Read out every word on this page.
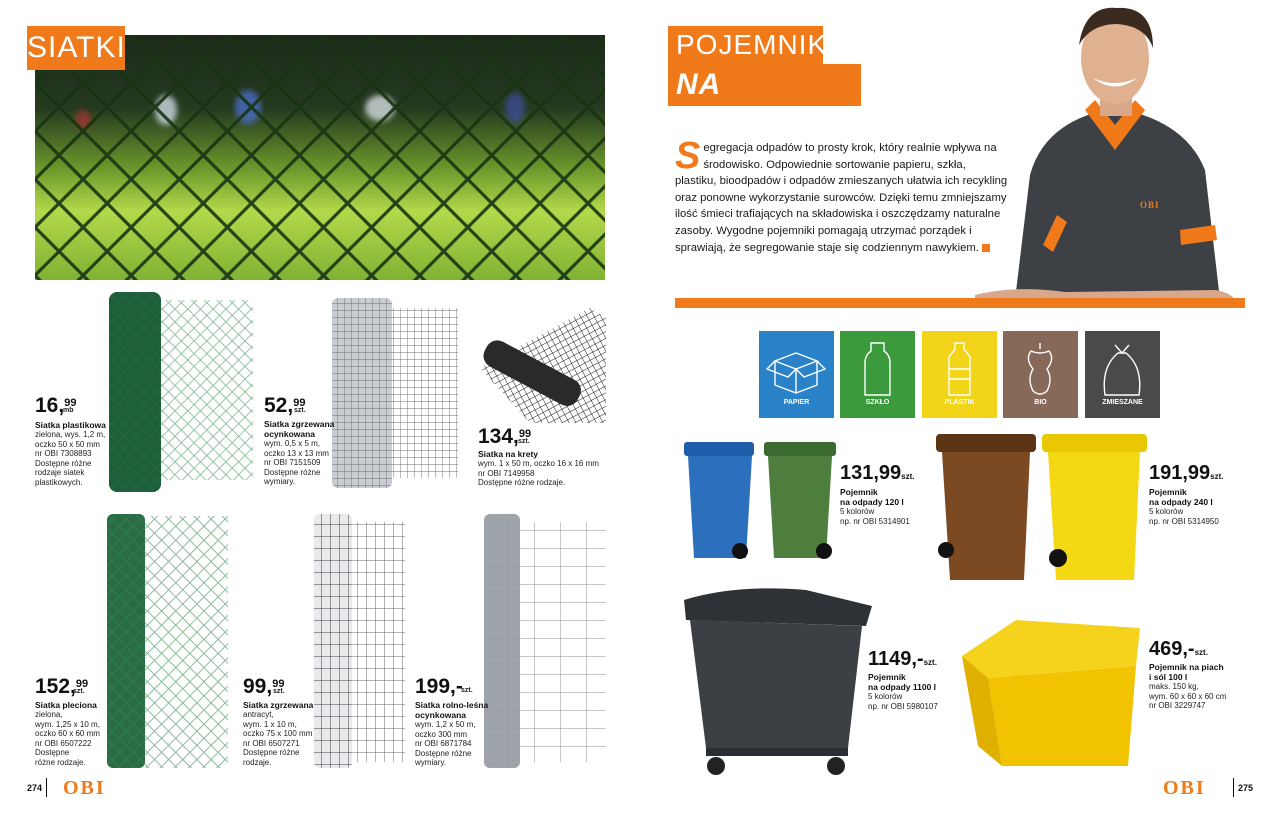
SIATKI
16,99
mb
Siatka plastikowa
zielona, wys. 1,2 m,
oczko 50 x 50 mm
nr OBI 7308893
Dostępne różne
rodzaje siatek
plastikowych.
52,99
szt.
Siatka zgrzewana
ocynkowana
wym. 0,5 x 5 m,
oczko 13 x 13 mm
nr OBI 7151509
Dostępne różne
wymiary.
134,99
szt.
Siatka na krety
wym. 1 x 50 m, oczko 16 x 16 mm
nr OBI 7149958
Dostępne różne rodzaje.
152,99
szt.
Siatka pleciona
zielona,
wym. 1,25 x 10 m,
oczko 60 x 60 mm
nr OBI 6507222
Dostępne
różne rodzaje.
99,99
szt.
Siatka zgrzewana
antracyt,
wym. 1 x 10 m,
oczko 75 x 100 mm
nr OBI 6507271
Dostępne różne
rodzaje.
199,-
szt.
Siatka rolno-leśna
ocynkowana
wym. 1,2 x 50 m,
oczko 300 mm
nr OBI 6871784
Dostępne różne
wymiary.
274 OBI
POJEMNIKI
NA ODPADY
OBI
Segregacja odpadów to prosty krok, który realnie wpływa na środowisko. Odpowiednie sortowanie papieru, szkła, plastiku, bioodpadów i odpadów zmieszanych ułatwia ich recykling oraz ponowne wykorzystanie surowców. Dzięki temu zmniejszamy ilość śmieci trafiających na składowiska i oszczędzamy naturalne zasoby. Wygodne pojemniki pomagają utrzymać porządek i sprawiają, że segregowanie staje się codziennym nawykiem.
PAPIER	SZKŁO	PLASTIK	BIO	ZMIESZANE
131,99szt.
Pojemnik
na odpady 120 l
5 kolorów
np. nr OBI 5314901
191,99szt.
Pojemnik
na odpady 240 l
5 kolorów
np. nr OBI 5314950
1149,-szt.
Pojemnik
na odpady 1100 l
5 kolorów
np. nr OBI 5980107
469,-szt.
Pojemnik na piach
i sól 100 l
maks. 150 kg,
wym. 60 x 60 x 60 cm
nr OBI 3229747
OBI	275
